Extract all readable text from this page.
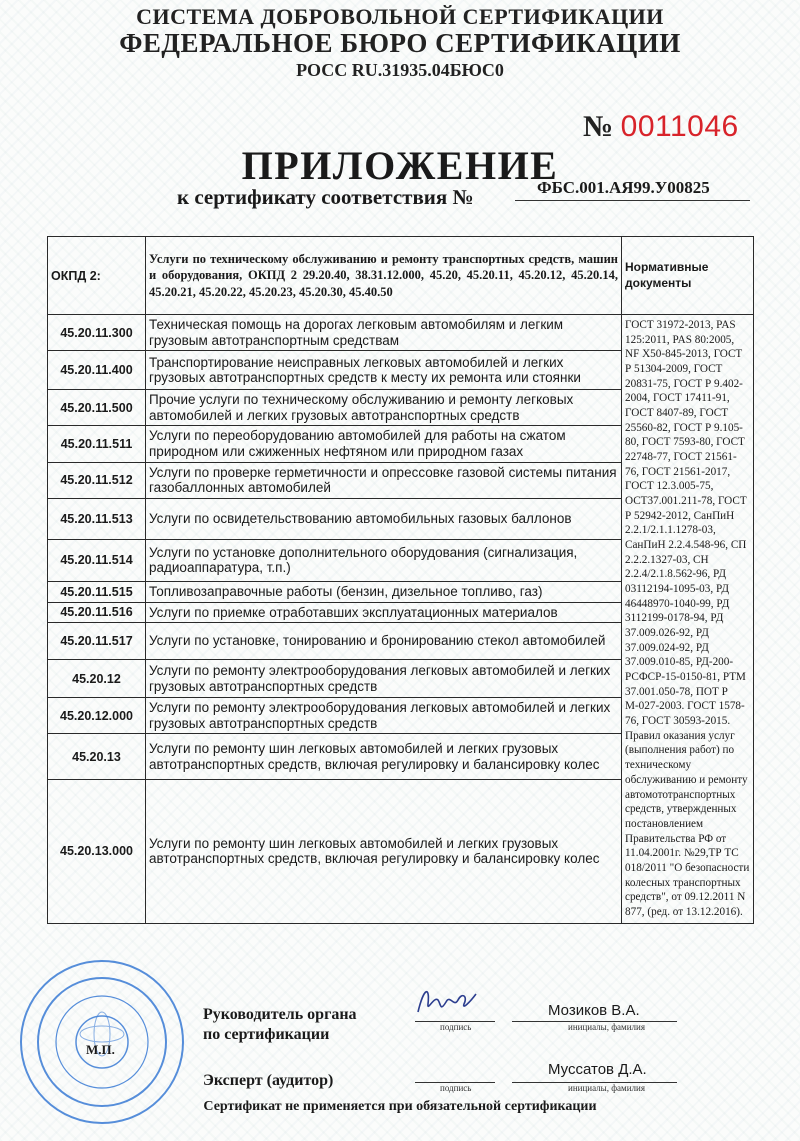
СИСТЕМА ДОБРОВОЛЬНОЙ СЕРТИФИКАЦИИ
ФЕДЕРАЛЬНОЕ БЮРО СЕРТИФИКАЦИИ
РОСС RU.31935.04БЮС0
№ 0011046
ПРИЛОЖЕНИЕ
к сертификату соответствия №	ФБС.001.АЯ99.У00825
ОКПД 2:	Услуги по техническому обслуживанию и ремонту транспортных средств, машин и оборудования, ОКПД 2 29.20.40, 38.31.12.000, 45.20, 45.20.11, 45.20.12, 45.20.14, 45.20.21, 45.20.22, 45.20.23, 45.20.30, 45.40.50	Нормативные документы
45.20.11.300	Техническая помощь на дорогах легковым автомобилям и легким грузовым автотранспортным средствам	ГОСТ 31972-2013, PAS 125:2011, PAS 80:2005, NF X50-845-2013, ГОСТ Р 51304-2009, ГОСТ 20831-75, ГОСТ Р 9.402-2004, ГОСТ 17411-91, ГОСТ 8407-89, ГОСТ 25560-82, ГОСТ Р 9.105-80, ГОСТ 7593-80, ГОСТ 22748-77, ГОСТ 21561-76, ГОСТ 21561-2017, ГОСТ 12.3.005-75, ОСТ37.001.211-78, ГОСТ Р 52942-2012, СанПиН 2.2.1/2.1.1.1278-03, СанПиН 2.2.4.548-96, СП 2.2.2.1327-03, СН 2.2.4/2.1.8.562-96, РД 03112194-1095-03, РД 46448970-1040-99, РД 3112199-0178-94, РД 37.009.026-92, РД 37.009.024-92, РД 37.009.010-85, РД-200-РСФСР-15-0150-81, РТМ 37.001.050-78, ПОТ Р М-027-2003. ГОСТ 1578-76, ГОСТ 30593-2015. Правил оказания услуг (выполнения работ) по техническому обслуживанию и ремонту автомототранспортных средств, утвержденных постановлением Правительства РФ от 11.04.2001г. №29,ТР ТС 018/2011 "О безопасности колесных транспортных средств", от 09.12.2011 N 877, (ред. от 13.12.2016).
45.20.11.400	Транспортирование неисправных легковых автомобилей и легких грузовых автотранспортных средств к месту их ремонта или стоянки	
45.20.11.500	Прочие услуги по техническому обслуживанию и ремонту легковых автомобилей и легких грузовых автотранспортных средств	
45.20.11.511	Услуги по переоборудованию автомобилей для работы на сжатом природном или сжиженных нефтяном или природном газах	
45.20.11.512	Услуги по проверке герметичности и опрессовке газовой системы питания газобаллонных автомобилей	
45.20.11.513	Услуги по освидетельствованию автомобильных газовых баллонов	
45.20.11.514	Услуги по установке дополнительного оборудования (сигнализация, радиоаппаратура, т.п.)	
45.20.11.515	Топливозаправочные работы (бензин, дизельное топливо, газ)	
45.20.11.516	Услуги по приемке отработавших эксплуатационных материалов	
45.20.11.517	Услуги по установке, тонированию и бронированию стекол автомобилей	
45.20.12	Услуги по ремонту электрооборудования легковых автомобилей и легких грузовых автотранспортных средств	
45.20.12.000	Услуги по ремонту электрооборудования легковых автомобилей и легких грузовых автотранспортных средств	
45.20.13	Услуги по ремонту шин легковых автомобилей и легких грузовых автотранспортных средств, включая регулировку и балансировку колес	
45.20.13.000	Услуги по ремонту шин легковых автомобилей и легких грузовых автотранспортных средств, включая регулировку и балансировку колес	
М.П.
Руководитель органа
по сертификации	подпись
Мозиков В.А.
инициалы, фамилия
Эксперт (аудитор)	подпись
Муссатов Д.А.
инициалы, фамилия
Сертификат не применяется при обязательной сертификации
